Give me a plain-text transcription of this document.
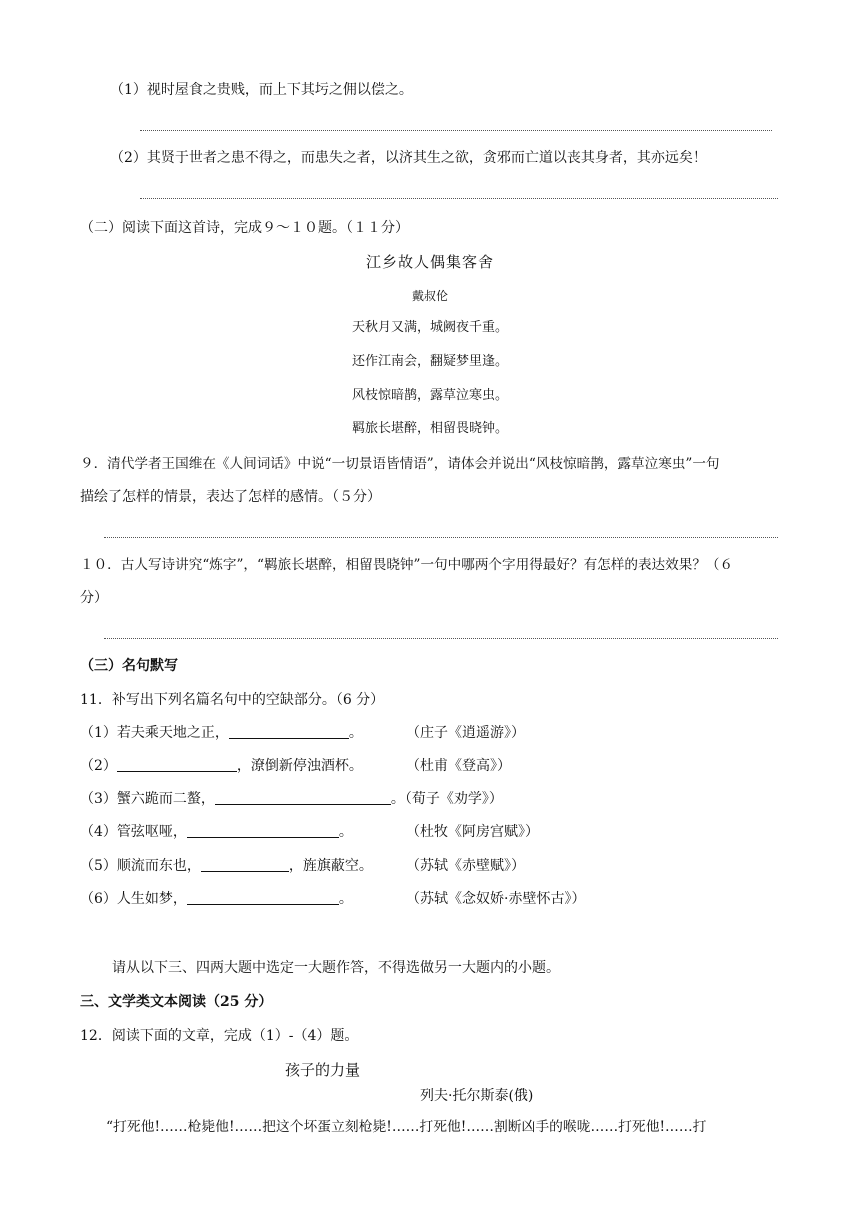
（1）视时屋食之贵贱，而上下其圬之佣以偿之。
（2）其贤于世者之患不得之，而患失之者，以济其生之欲，贪邪而亡道以丧其身者，其亦远矣！
（二）阅读下面这首诗，完成９～１０题。（１１分）
江乡故人偶集客舍
戴叔伦
天秋月又满，城阙夜千重。
还作江南会，翻疑梦里逢。
风枝惊暗鹊，露草泣寒虫。
羁旅长堪醉，相留畏晓钟。
９．清代学者王国维在《人间词话》中说“一切景语皆情语”，请体会并说出“风枝惊暗鹊，露草泣寒虫”一句
描绘了怎样的情景，表达了怎样的感情。（５分）
１０．古人写诗讲究“炼字”，“羁旅长堪醉，相留畏晓钟”一句中哪两个字用得最好？有怎样的表达效果？（６
分）
（三）名句默写
11．补写出下列名篇名句中的空缺部分。（6 分）
（1）若夫乘天地之正，	。	（庄子《逍遥游》）
（2）	，潦倒新停浊酒杯。	（杜甫《登高》）
（3）蟹六跪而二螯，	。（荀子《劝学》）
（4）管弦呕哑，	。	（杜牧《阿房宫赋》）
（5）顺流而东也，	，旌旗蔽空。 （苏轼《赤壁赋》）
（6）人生如梦，	。	（苏轼《念奴娇·赤壁怀古》）
请从以下三、四两大题中选定一大题作答，不得选做另一大题内的小题。
三、文学类文本阅读（25 分）
12．阅读下面的文章，完成（1）-（4）题。
孩子的力量
列夫·托尔斯泰(俄)
“打死他!……枪毙他!……把这个坏蛋立刻枪毙!……打死他!……割断凶手的喉咙……打死他!……打
